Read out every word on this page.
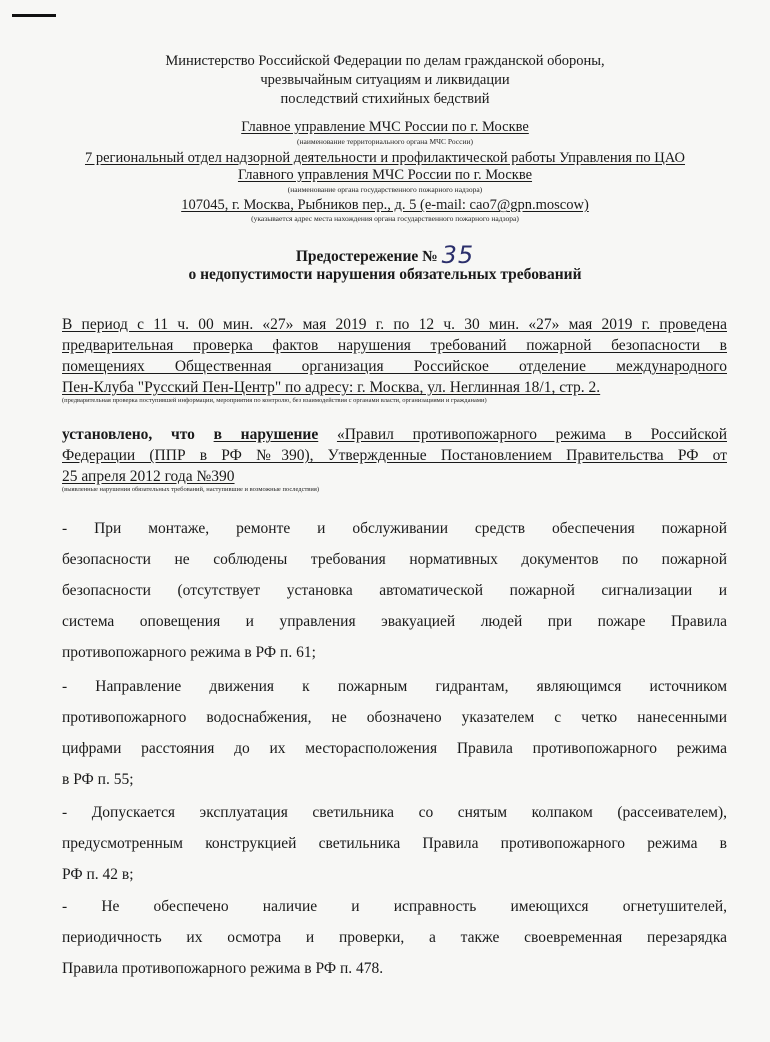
Министерство Российской Федерации по делам гражданской обороны,
чрезвычайным ситуациям и ликвидации
последствий стихийных бедствий
Главное управление МЧС России по г. Москве
(наименование территориального органа МЧС России)
7 региональный отдел надзорной деятельности и профилактической работы Управления по ЦАО
Главного управления МЧС России по г. Москве
(наименование органа государственного пожарного надзора)
107045, г. Москва, Рыбников пер., д. 5 (e-mail: cao7@gpn.moscow)
(указывается адрес места нахождения органа государственного пожарного надзора)
Предостережение № 35
о недопустимости нарушения обязательных требований
В период с 11 ч. 00 мин. «27» мая 2019 г. по 12 ч. 30 мин. «27» мая 2019 г. проведена
предварительная проверка фактов нарушения требований пожарной безопасности в
помещениях Общественная организация Российское отделение международного
Пен-Клуба "Русский Пен-Центр" по адресу: г. Москва, ул. Неглинная 18/1, стр. 2.
(предварительная проверка поступившей информации, мероприятия по контролю, без взаимодействия с органами власти, организациями и гражданами)
установлено, что в нарушение «Правил противопожарного режима в Российской
Федерации (ППР в РФ №390), Утвержденные Постановлением Правительства РФ от
25 апреля 2012 года №390
(выявленные нарушения обязательных требований, наступившие и возможные последствия)
- При монтаже, ремонте и обслуживании средств обеспечения пожарной
безопасности не соблюдены требования нормативных документов по пожарной
безопасности (отсутствует установка автоматической пожарной сигнализации и
система оповещения и управления эвакуацией людей при пожаре Правила
противопожарного режима в РФ п. 61;
- Направление движения к пожарным гидрантам, являющимся источником
противопожарного водоснабжения, не обозначено указателем с четко нанесенными
цифрами расстояния до их месторасположения Правила противопожарного режима
в РФ п. 55;
- Допускается эксплуатация светильника со снятым колпаком (рассеивателем),
предусмотренным конструкцией светильника Правила противопожарного режима в
РФ п. 42 в;
- Не обеспечено наличие и исправность имеющихся огнетушителей,
периодичность их осмотра и проверки, а также своевременная перезарядка
Правила противопожарного режима в РФ п. 478.
